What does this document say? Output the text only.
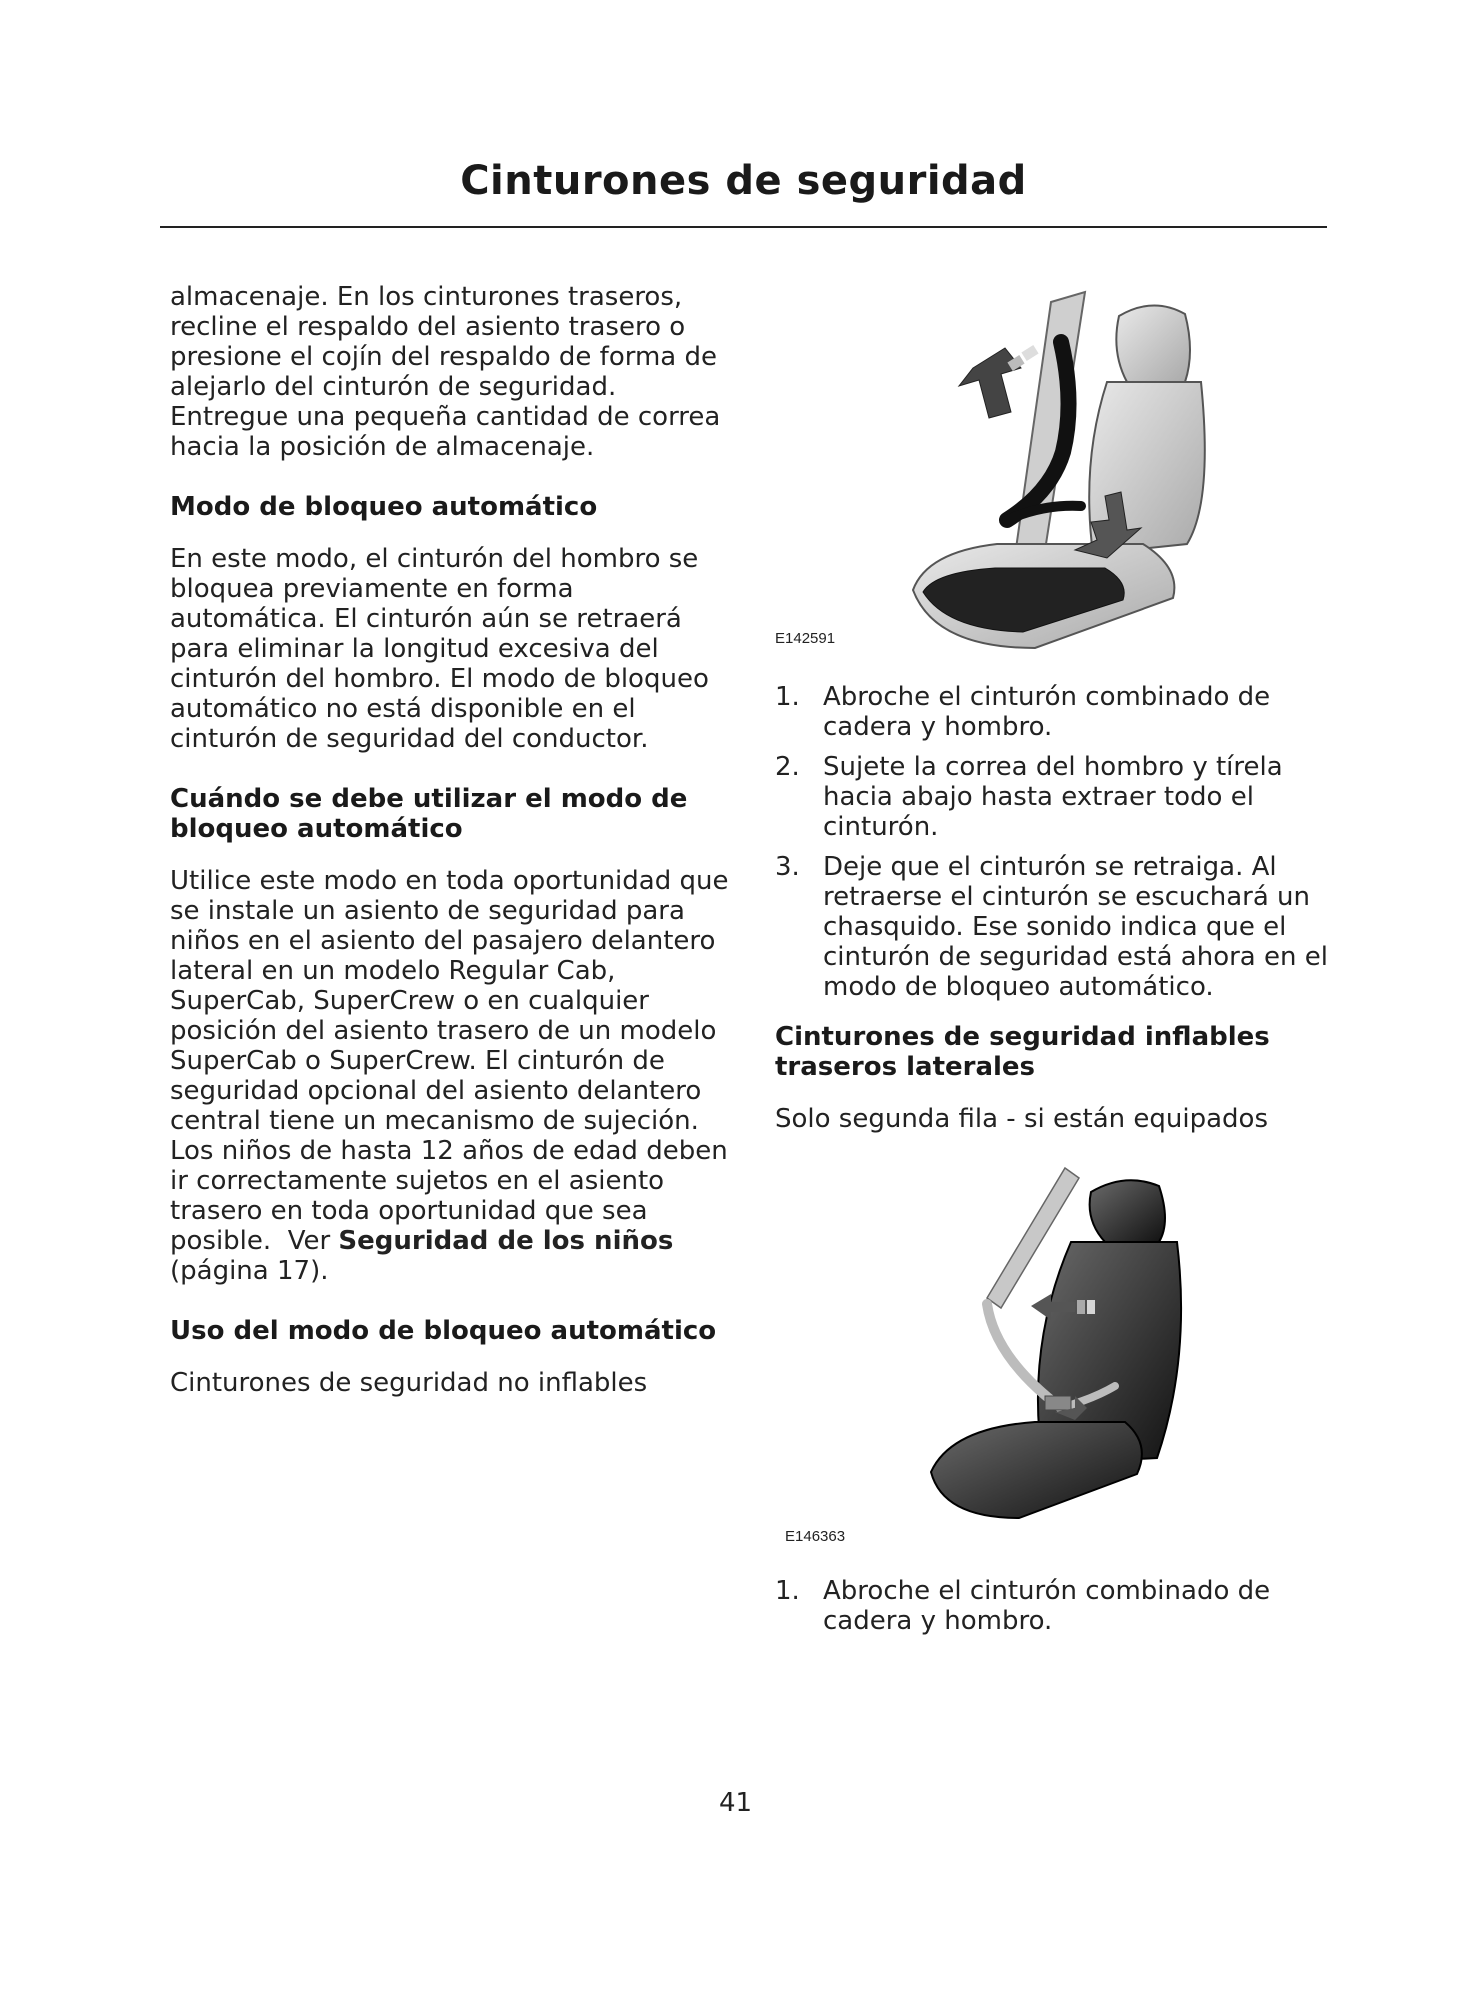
Cinturones de seguridad

almacenaje. En los cinturones traseros, recline el respaldo del asiento trasero o presione el cojín del respaldo de forma de alejarlo del cinturón de seguridad. Entregue una pequeña cantidad de correa hacia la posición de almacenaje.

Modo de bloqueo automático

En este modo, el cinturón del hombro se bloquea previamente en forma automática. El cinturón aún se retraerá para eliminar la longitud excesiva del cinturón del hombro. El modo de bloqueo automático no está disponible en el cinturón de seguridad del conductor.

Cuándo se debe utilizar el modo de bloqueo automático

Utilice este modo en toda oportunidad que se instale un asiento de seguridad para niños en el asiento del pasajero delantero lateral en un modelo Regular Cab, SuperCab, SuperCrew o en cualquier posición del asiento trasero de un modelo SuperCab o SuperCrew. El cinturón de seguridad opcional del asiento delantero central tiene un mecanismo de sujeción. Los niños de hasta 12 años de edad deben ir correctamente sujetos en el asiento trasero en toda oportunidad que sea posible. Ver Seguridad de los niños (página 17).

Uso del modo de bloqueo automático

Cinturones de seguridad no inflables

E142591
1. Abroche el cinturón combinado de cadera y hombro.
2. Sujete la correa del hombro y tírela hacia abajo hasta extraer todo el cinturón.
3. Deje que el cinturón se retraiga. Al retraerse el cinturón se escuchará un chasquido. Ese sonido indica que el cinturón de seguridad está ahora en el modo de bloqueo automático.

Cinturones de seguridad inflables traseros laterales

Solo segunda fila - si están equipados

E146363
1. Abroche el cinturón combinado de cadera y hombro.
41
